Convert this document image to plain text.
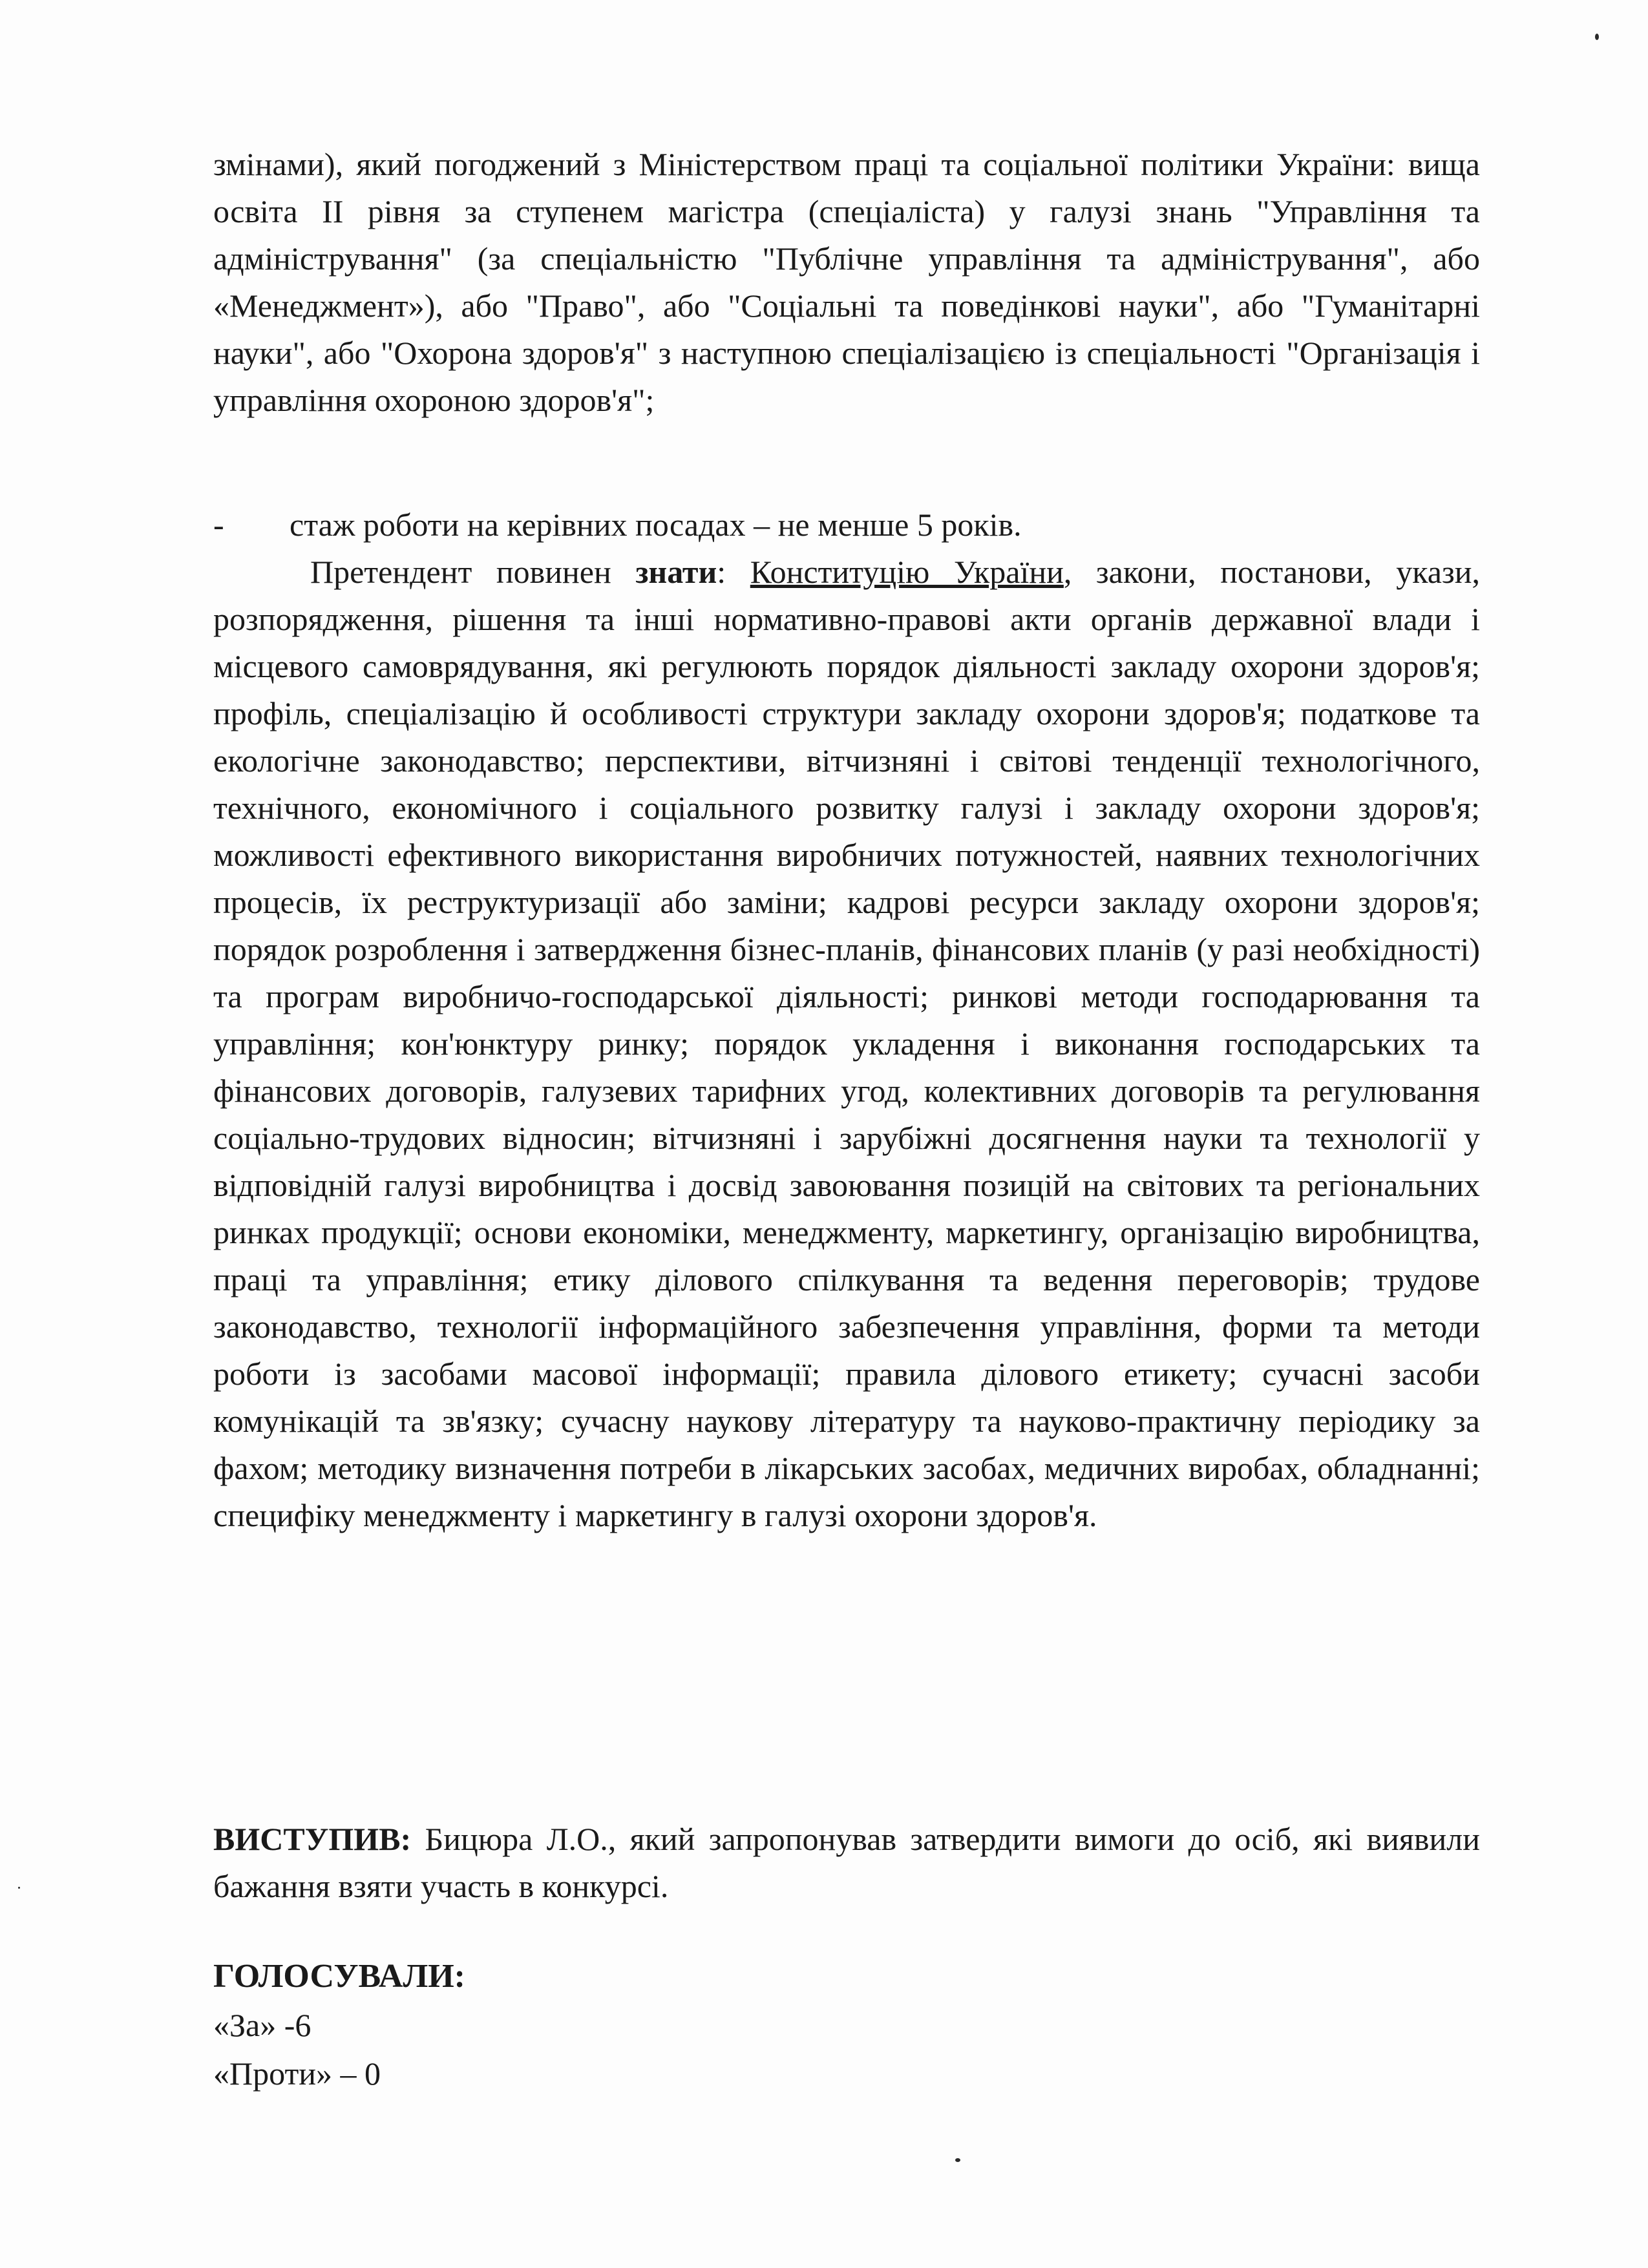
змінами), який погоджений з Міністерством праці та соціальної політики України: вища освіта ІІ рівня за ступенем магістра (спеціаліста) у галузі знань "Управління та адміністрування" (за спеціальністю "Публічне управління та адміністрування", або «Менеджмент»), або "Право", або "Соціальні та поведінкові науки", або "Гуманітарні науки", або "Охорона здоров'я" з наступною спеціалізацією із спеціальності "Організація і управління охороною здоров'я";

- стаж роботи на керівних посадах – не менше 5 років.

Претендент повинен знати: Конституцію України, закони, постанови, укази, розпорядження, рішення та інші нормативно-правові акти органів державної влади і місцевого самоврядування, які регулюють порядок діяльності закладу охорони здоров'я; профіль, спеціалізацію й особливості структури закладу охорони здоров'я; податкове та екологічне законодавство; перспективи, вітчизняні і світові тенденції технологічного, технічного, економічного і соціального розвитку галузі і закладу охорони здоров'я; можливості ефективного використання виробничих потужностей, наявних технологічних процесів, їх реструктуризації або заміни; кадрові ресурси закладу охорони здоров'я; порядок розроблення і затвердження бізнес-планів, фінансових планів (у разі необхідності) та програм виробничо-господарської діяльності; ринкові методи господарювання та управління; кон'юнктуру ринку; порядок укладення і виконання господарських та фінансових договорів, галузевих тарифних угод, колективних договорів та регулювання соціально-трудових відносин; вітчизняні і зарубіжні досягнення науки та технології у відповідній галузі виробництва і досвід завоювання позицій на світових та регіональних ринках продукції; основи економіки, менеджменту, маркетингу, організацію виробництва, праці та управління; етику ділового спілкування та ведення переговорів; трудове законодавство, технології інформаційного забезпечення управління, форми та методи роботи із засобами масової інформації; правила ділового етикету; сучасні засоби комунікацій та зв'язку; сучасну наукову літературу та науково-практичну періодику за фахом; методику визначення потреби в лікарських засобах, медичних виробах, обладнанні; специфіку менеджменту і маркетингу в галузі охорони здоров'я.

ВИСТУПИВ: Бицюра Л.О., який запропонував затвердити вимоги до осіб, які виявили бажання взяти участь в конкурсі.

ГОЛОСУВАЛИ:
«За» -6
«Проти» – 0
